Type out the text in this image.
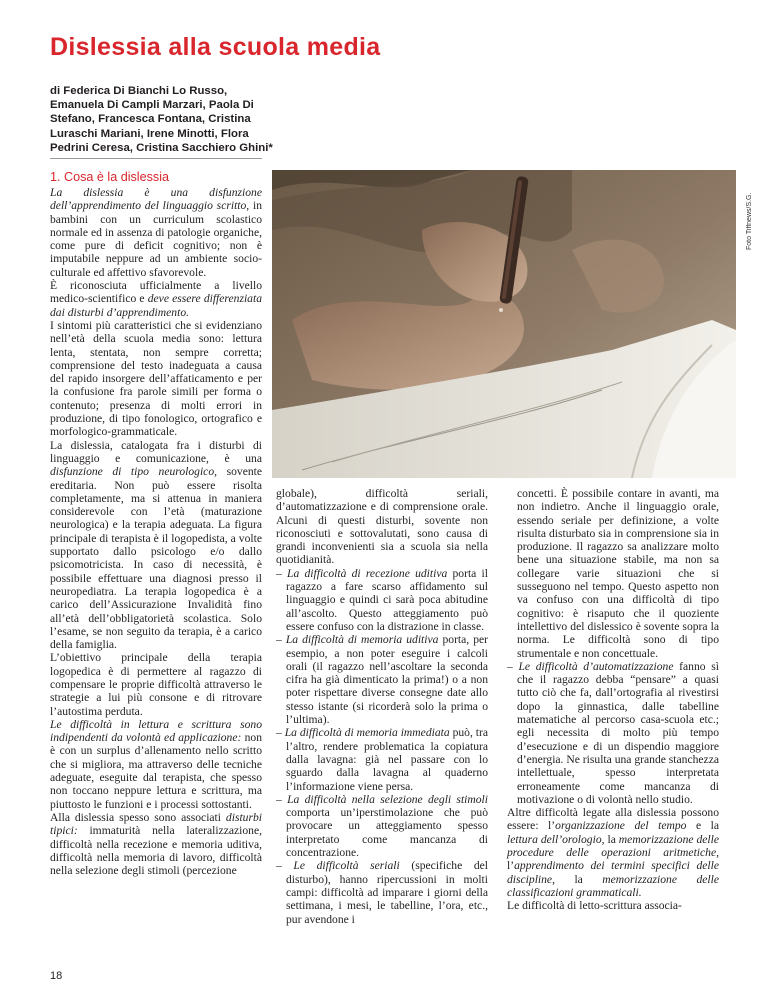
Dislessia alla scuola media

di Federica Di Bianchi Lo Russo, Emanuela Di Campli Marzari, Paola Di Stefano, Francesca Fontana, Cristina Luraschi Mariani, Irene Minotti, Flora Pedrini Ceresa, Cristina Sacchiero Ghini*

1. Cosa è la dislessia
Foto Tiffnews/S.G.

La dislessia è una disfunzione dell’apprendimento del linguaggio scritto, in bambini con un curriculum scolastico normale ed in assenza di patologie organiche, come pure di deficit cognitivo; non è imputabile neppure ad un ambiente socio-culturale ed affettivo sfavorevole.

È riconosciuta ufficialmente a livello medico-scientifico e deve essere differenziata dai disturbi d’apprendimento.

I sintomi più caratteristici che si evidenziano nell’età della scuola media sono: lettura lenta, stentata, non sempre corretta; comprensione del testo inadeguata a causa del rapido insorgere dell’affaticamento e per la confusione fra parole simili per forma o contenuto; presenza di molti errori in produzione, di tipo fonologico, ortografico e morfologico-grammaticale.

La dislessia, catalogata fra i disturbi di linguaggio e comunicazione, è una disfunzione di tipo neurologico, sovente ereditaria. Non può essere risolta completamente, ma si attenua in maniera considerevole con l’età (maturazione neurologica) e la terapia adeguata. La figura principale di terapista è il logopedista, a volte supportato dallo psicologo e/o dallo psicomotricista. In caso di necessità, è possibile effettuare una diagnosi presso il neuropediatra. La terapia logopedica è a carico dell’Assicurazione Invalidità fino all’età dell’obbligatorietà scolastica. Solo l’esame, se non seguito da terapia, è a carico della famiglia.

L’obiettivo principale della terapia logopedica è di permettere al ragazzo di compensare le proprie difficoltà attraverso le strategie a lui più consone e di ritrovare l’autostima perduta.

Le difficoltà in lettura e scrittura sono indipendenti da volontà ed applicazione: non è con un surplus d’allenamento nello scritto che si migliora, ma attraverso delle tecniche adeguate, eseguite dal terapista, che spesso non toccano neppure lettura e scrittura, ma piuttosto le funzioni e i processi sottostanti.

Alla dislessia spesso sono associati disturbi tipici: immaturità nella lateralizzazione, difficoltà nella recezione e memoria uditiva, difficoltà nella memoria di lavoro, difficoltà nella selezione degli stimoli (percezione

globale), difficoltà seriali, d’automatizzazione e di comprensione orale. Alcuni di questi disturbi, sovente non riconosciuti e sottovalutati, sono causa di grandi inconvenienti sia a scuola sia nella quotidianità.

– La difficoltà di recezione uditiva porta il ragazzo a fare scarso affidamento sul linguaggio e quindi ci sarà poca abitudine all’ascolto. Questo atteggiamento può essere confuso con la distrazione in classe.

– La difficoltà di memoria uditiva porta, per esempio, a non poter eseguire i calcoli orali (il ragazzo nell’ascoltare la seconda cifra ha già dimenticato la prima!) o a non poter rispettare diverse consegne date allo stesso istante (si ricorderà solo la prima o l’ultima).

– La difficoltà di memoria immediata può, tra l’altro, rendere problematica la copiatura dalla lavagna: già nel passare con lo sguardo dalla lavagna al quaderno l’informazione viene persa.

– La difficoltà nella selezione degli stimoli comporta un’iperstimolazione che può provocare un atteggiamento spesso interpretato come mancanza di concentrazione.

– Le difficoltà seriali (specifiche del disturbo), hanno ripercussioni in molti campi: difficoltà ad imparare i giorni della settimana, i mesi, le tabelline, l’ora, etc., pur avendone i

concetti. È possibile contare in avanti, ma non indietro. Anche il linguaggio orale, essendo seriale per definizione, a volte risulta disturbato sia in comprensione sia in produzione. Il ragazzo sa analizzare molto bene una situazione stabile, ma non sa collegare varie situazioni che si susseguono nel tempo. Questo aspetto non va confuso con una difficoltà di tipo cognitivo: è risaputo che il quoziente intellettivo del dislessico è sovente sopra la norma. Le difficoltà sono di tipo strumentale e non concettuale.

– Le difficoltà d’automatizzazione fanno sì che il ragazzo debba “pensare” a quasi tutto ciò che fa, dall’ortografia al rivestirsi dopo la ginnastica, dalle tabelline matematiche al percorso casa-scuola etc.; egli necessita di molto più tempo d’esecuzione e di un dispendio maggiore d’energia. Ne risulta una grande stanchezza intellettuale, spesso interpretata erroneamente come mancanza di motivazione o di volontà nello studio.

Altre difficoltà legate alla dislessia possono essere: l’organizzazione del tempo e la lettura dell’orologio, la memorizzazione delle procedure delle operazioni aritmetiche, l’apprendimento dei termini specifici delle discipline, la memorizzazione delle classificazioni grammaticali.

Le difficoltà di letto-scrittura associa-

18
